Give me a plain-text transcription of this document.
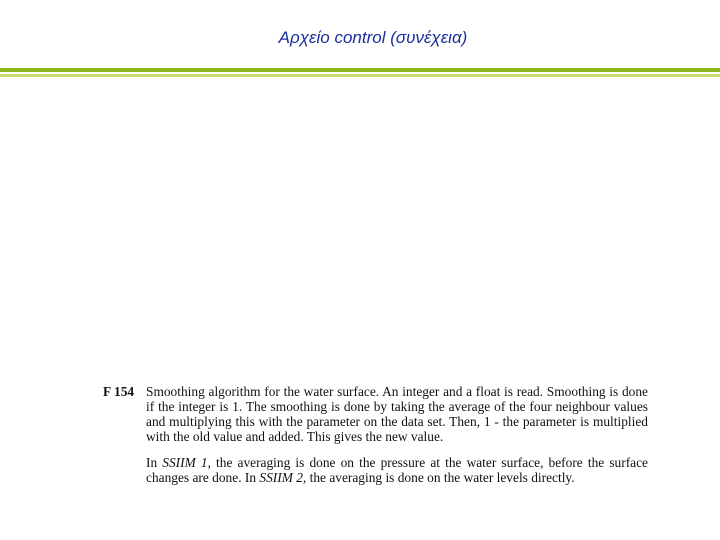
Αρχείο control (συνέχεια)
F 154 Smoothing algorithm for the water surface. An integer and a float is read. Smoothing is done if the integer is 1. The smoothing is done by taking the average of the four neighbour values and multiplying this with the parameter on the data set. Then, 1 - the parameter is multiplied with the old value and added. This gives the new value.

In SSIIM 1, the averaging is done on the pressure at the water surface, before the surface changes are done. In SSIIM 2, the averaging is done on the water levels directly.
